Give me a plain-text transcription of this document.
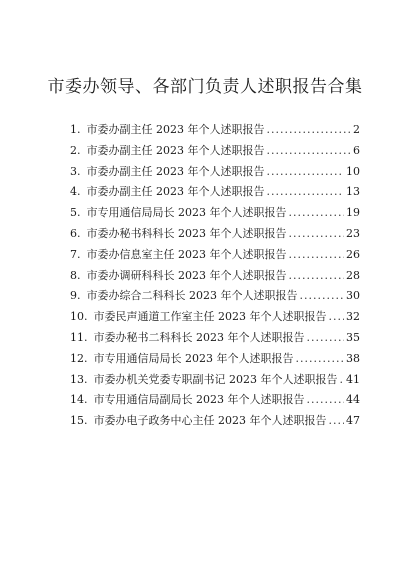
市委办领导、各部门负责人述职报告合集
1. 市委办副主任 2023 年个人述职报告 .....	2
2. 市委办副主任 2023 年个人述职报告 .....	6
3. 市委办副主任 2023 年个人述职报告 .....	10
4. 市委办副主任 2023 年个人述职报告 .....	13
5. 市专用通信局局长 2023 年个人述职报告 .....	19
6. 市委办秘书科科长 2023 年个人述职报告 .....	23
7. 市委办信息室主任 2023 年个人述职报告 .....	26
8. 市委办调研科科长 2023 年个人述职报告 .....	28
9. 市委办综合二科科长 2023 年个人述职报告 .....	30
10. 市委民声通道工作室主任 2023 年个人述职报告 ..... 32
11. 市委办秘书二科科长 2023 年个人述职报告 .....	35
12. 市专用通信局局长 2023 年个人述职报告 .....	38
13. 市委办机关党委专职副书记 2023 年个人述职报告 ..... 41
14. 市专用通信局副局长 2023 年个人述职报告 .....	44
15. 市委办电子政务中心主任 2023 年个人述职报告 ..... 47
